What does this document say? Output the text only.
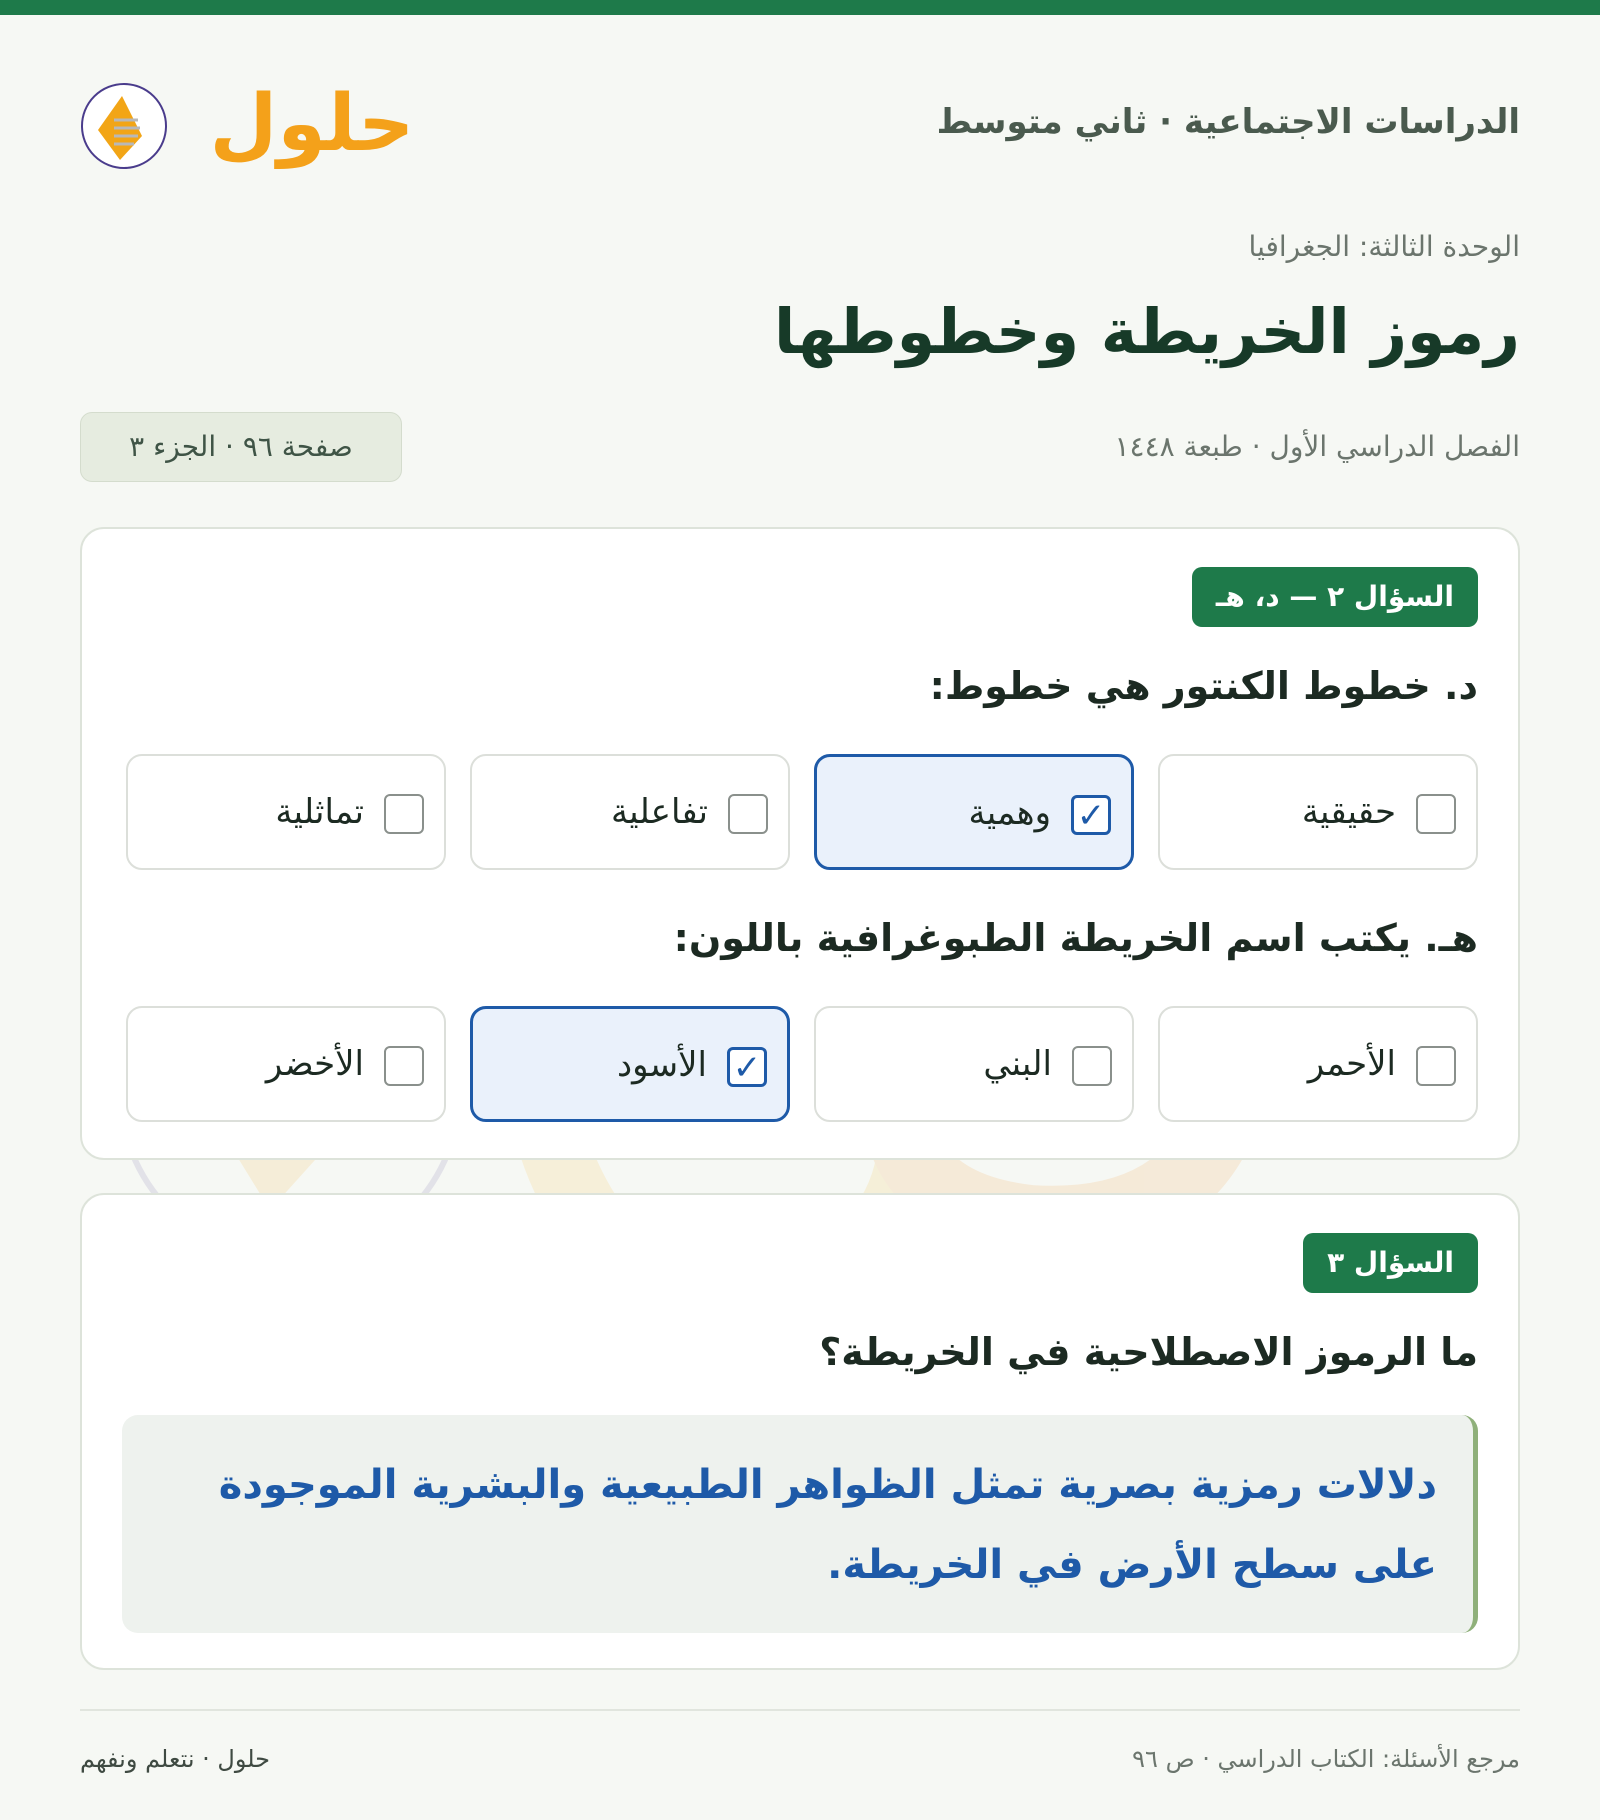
الدراسات الاجتماعية · ثاني متوسط
حلول
الوحدة الثالثة: الجغرافيا
رموز الخريطة وخطوطها
الفصل الدراسي الأول · طبعة ١٤٤٨
صفحة ٩٦ · الجزء ٣
السؤال ٢ — د، هـ
د. خطوط الكنتور هي خطوط:
حقيقية
✓
وهمية
تفاعلية
تماثلية
هـ. يكتب اسم الخريطة الطبوغرافية باللون:
الأحمر
البني
✓
الأسود
الأخضر
السؤال ٣
ما الرموز الاصطلاحية في الخريطة؟
دلالات رمزية بصرية تمثل الظواهر الطبيعية والبشرية الموجودة
على سطح الأرض في الخريطة.
مرجع الأسئلة: الكتاب الدراسي · ص ٩٦
حلول · نتعلم ونفهم
